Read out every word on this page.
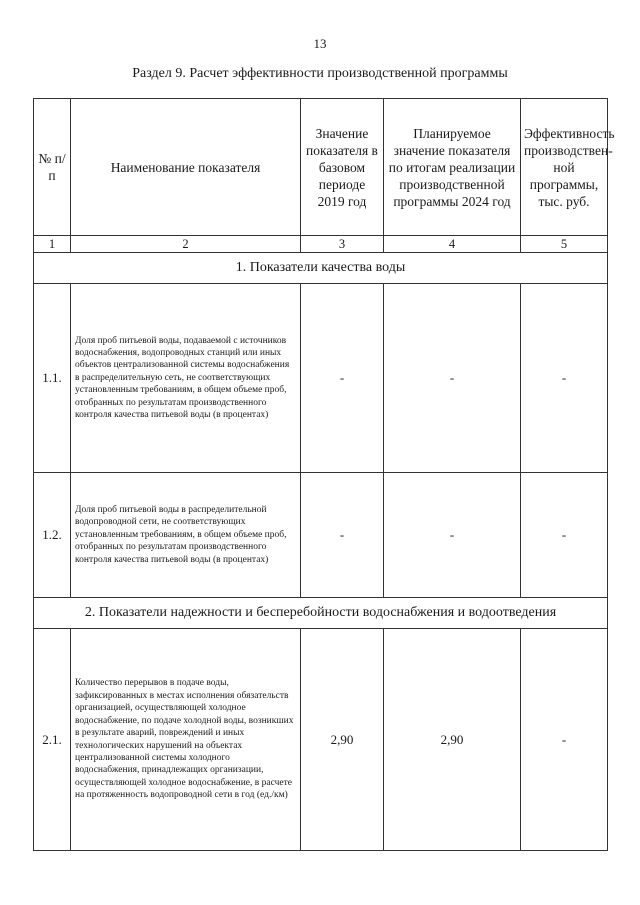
13
Раздел 9. Расчет эффективности производственной программы
№ п/п	Наименование показателя	Значение показателя в базовом периоде 2019 год	Планируемое значение показателя по итогам реализации производственной программы 2024 год	Эффективность производствен-ной программы, тыс. руб.
1	2	3	4	5
1. Показатели качества воды				
1.1.	Доля проб питьевой воды, подаваемой с источников водоснабжения, водопроводных станций или иных объектов централизованной системы водоснабжения в распределительную сеть, не соответствующих установленным требованиям, в общем объеме проб, отобранных по результатам производственного контроля качества питьевой воды (в процентах)	-	-	-
1.2.	Доля проб питьевой воды в распределительной водопроводной сети, не соответствующих установленным требованиям, в общем объеме проб, отобранных по результатам производственного контроля качества питьевой воды (в процентах)	-	-	-
2. Показатели надежности и бесперебойности водоснабжения и водоотведения				
2.1.	Количество перерывов в подаче воды, зафиксированных в местах исполнения обязательств организацией, осуществляющей холодное водоснабжение, по подаче холодной воды, возникших в результате аварий, повреждений и иных технологических нарушений на объектах централизованной системы холодного водоснабжения, принадлежащих организации, осуществляющей холодное водоснабжение, в расчете на протяженность водопроводной сети в год (ед./км)	2,90	2,90	-
